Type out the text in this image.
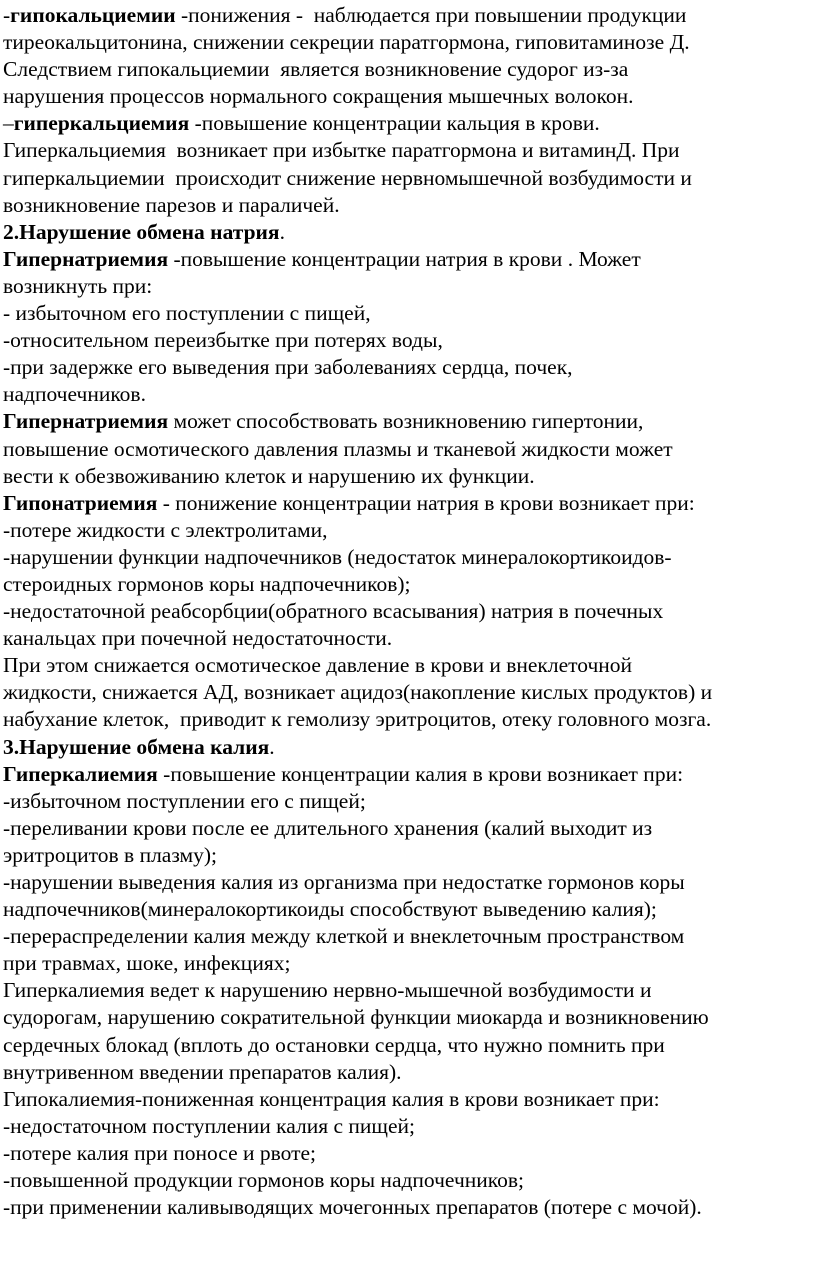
-гипокальциемии -понижения -  наблюдается при повышении продукции
тиреокальцитонина, снижении секреции паратгормона, гиповитаминозе Д.
Следствием гипокальциемии  является возникновение судорог из-за
нарушения процессов нормального сокращения мышечных волокон.
–гиперкальциемия -повышение концентрации кальция в крови.
Гиперкальциемия  возникает при избытке паратгормона и витаминД. При
гиперкальциемии  происходит снижение нервномышечной возбудимости и
возникновение парезов и параличей.
2.Нарушение обмена натрия.
Гипернатриемия -повышение концентрации натрия в крови . Может
возникнуть при:
- избыточном его поступлении с пищей,
-относительном переизбытке при потерях воды,
-при задержке его выведения при заболеваниях сердца, почек,
надпочечников.
Гипернатриемия может способствовать возникновению гипертонии,
повышение осмотического давления плазмы и тканевой жидкости может
вести к обезвоживанию клеток и нарушению их функции.
Гипонатриемия - понижение концентрации натрия в крови возникает при:
-потере жидкости с электролитами,
-нарушении функции надпочечников (недостаток минералокортикоидов-
стероидных гормонов коры надпочечников);
-недостаточной реабсорбции(обратного всасывания) натрия в почечных
канальцах при почечной недостаточности.
При этом снижается осмотическое давление в крови и внеклеточной
жидкости, снижается АД, возникает ацидоз(накопление кислых продуктов) и
набухание клеток,  приводит к гемолизу эритроцитов, отеку головного мозга.
3.Нарушение обмена калия.
Гиперкалиемия -повышение концентрации калия в крови возникает при:
-избыточном поступлении его с пищей;
-переливании крови после ее длительного хранения (калий выходит из
эритроцитов в плазму);
-нарушении выведения калия из организма при недостатке гормонов коры
надпочечников(минералокортикоиды способствуют выведению калия);
-перераспределении калия между клеткой и внеклеточным пространством
при травмах, шоке, инфекциях;
Гиперкалиемия ведет к нарушению нервно-мышечной возбудимости и
судорогам, нарушению сократительной функции миокарда и возникновению
сердечных блокад (вплоть до остановки сердца, что нужно помнить при
внутривенном введении препаратов калия).
Гипокалиемия-пониженная концентрация калия в крови возникает при:
-недостаточном поступлении калия с пищей;
-потере калия при поносе и рвоте;
-повышенной продукции гормонов коры надпочечников;
-при применении каливыводящих мочегонных препаратов (потере с мочой).
